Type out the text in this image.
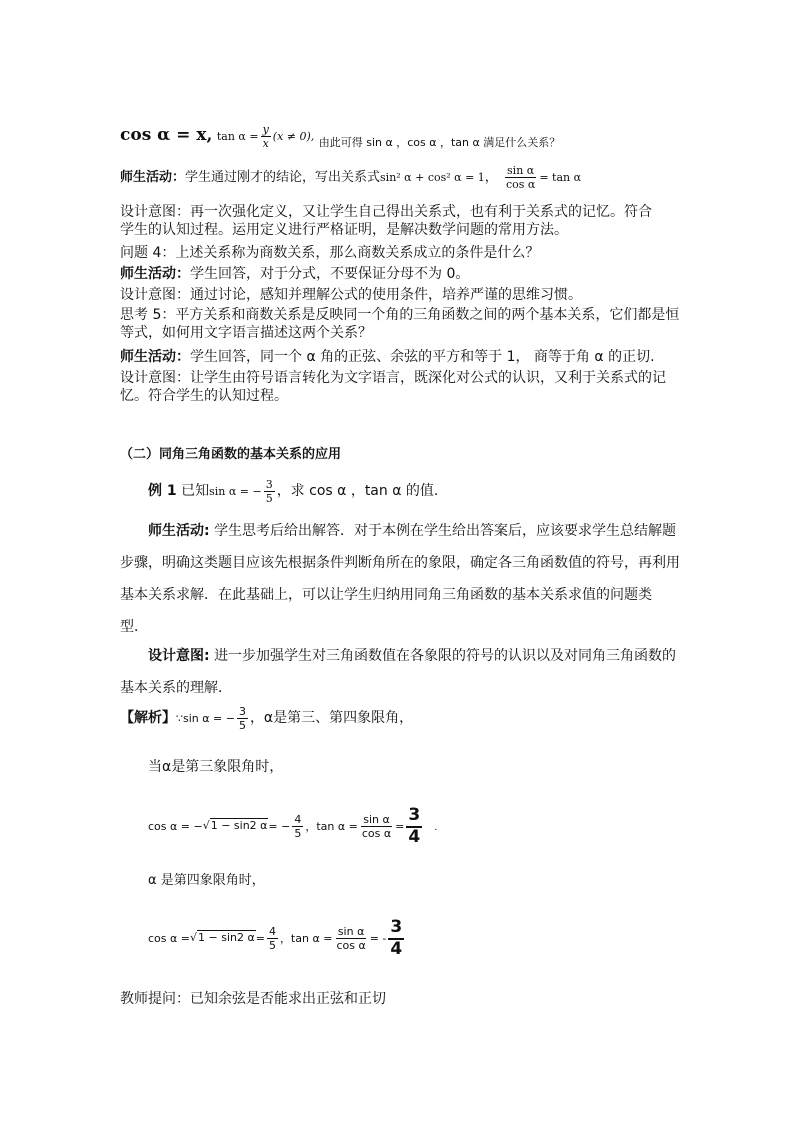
cos α = x, $\tan \alpha = \frac{y}{x} (x \ne 0)$, $_{由此可得 sin \alpha ,cos \alpha ,tan \alpha 满足什么关系?}$
师生活动：学生通过刚才的结论，写出关系式sin² α + cos² α = 1， $\frac{\text{sin α}}{\text{cos α}} = \tan \alpha$
设计意图：再一次强化定义，又让学生自己得出关系式，也有利于关系式的记忆。符合
学生的认知过程。运用定义进行严格证明，是解决数学问题的常用方法。
问题 4：上述关系称为商数关系，那么商数关系成立的条件是什么？
师生活动：学生回答，对于分式，不要保证分母不为 0。
设计意图：通过讨论，感知并理解公式的使用条件，培养严谨的思维习惯。
思考 5：平方关系和商数关系是反映同一个角的三角函数之间的两个基本关系，它们都是恒
等式，如何用文字语言描述这两个关系？
师生活动：学生回答，同一个 α 角的正弦、余弦的平方和等于 1， 商等于角 α 的正切.
设计意图：让学生由符号语言转化为文字语言，既深化对公式的认识，又利于关系式的记
忆。符合学生的认知过程。
（二）同角三角函数的基本关系的应用
例 1 已知sin α = − $\frac{3}{5}$ ，求 cos α ，tan α 的值.
师生活动: 学生思考后给出解答．对于本例在学生给出答案后，应该要求学生总结解题
步骤，明确这类题目应该先根据条件判断角所在的象限，确定各三角函数值的符号，再利用
基本关系求解．在此基础上，可以让学生归纳用同角三角函数的基本关系求值的问题类
型．
设计意图: 进一步加强学生对三角函数值在各象限的符号的认识以及对同角三角函数的
基本关系的理解．
【解析】∵sin α = − $\frac{3}{5}$ ，α是第三、第四象限角，
当α是第三象限角时，
cos α = −√1 − sin2 $\alpha= - \frac{4}{5}$ ，$\tan \alpha = \frac{\text{sin α}}{\text{cos α}} = \frac{3}{4}$ .
α 是第四象限角时，
cos α =√1 − sin2 $\alpha= \frac{4}{5}$ ，$\tan \alpha = \frac{\text{sin α}}{\text{cos α}}$ = - $\frac{3}{4}$
教师提问：已知余弦是否能求出正弦和正切
